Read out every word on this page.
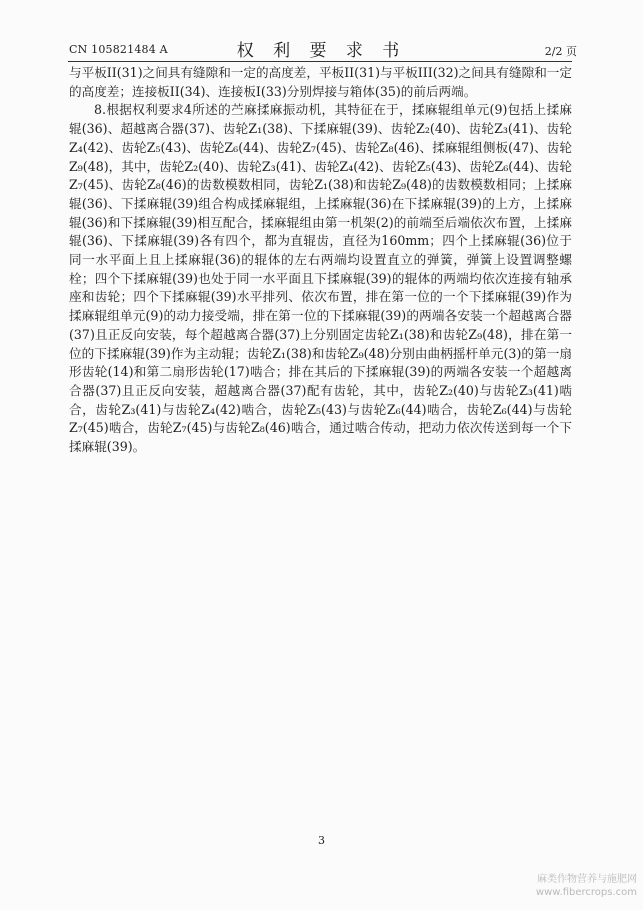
CN 105821484 A	权 利 要 求 书	2/2 页

与平板II(31)之间具有缝隙和一定的高度差，平板II(31)与平板III(32)之间具有缝隙和一定的高度差；连接板II(34)、连接板I(33)分别焊接与箱体(35)的前后两端。

8.根据权利要求4所述的苎麻揉麻振动机，其特征在于，揉麻辊组单元(9)包括上揉麻辊(36)、超越离合器(37)、齿轮Z₁(38)、下揉麻辊(39)、齿轮Z₂(40)、齿轮Z₃(41)、齿轮Z₄(42)、齿轮Z₅(43)、齿轮Z₆(44)、齿轮Z₇(45)、齿轮Z₈(46)、揉麻辊组侧板(47)、齿轮Z₉(48)，其中，齿轮Z₂(40)、齿轮Z₃(41)、齿轮Z₄(42)、齿轮Z₅(43)、齿轮Z₆(44)、齿轮Z₇(45)、齿轮Z₈(46)的齿数模数相同，齿轮Z₁(38)和齿轮Z₉(48)的齿数模数相同；上揉麻辊(36)、下揉麻辊(39)组合构成揉麻辊组，上揉麻辊(36)在下揉麻辊(39)的上方，上揉麻辊(36)和下揉麻辊(39)相互配合，揉麻辊组由第一机架(2)的前端至后端依次布置，上揉麻辊(36)、下揉麻辊(39)各有四个，都为直辊齿，直径为160mm；四个上揉麻辊(36)位于同一水平面上且上揉麻辊(36)的辊体的左右两端均设置直立的弹簧，弹簧上设置调整螺栓；四个下揉麻辊(39)也处于同一水平面且下揉麻辊(39)的辊体的两端均依次连接有轴承座和齿轮；四个下揉麻辊(39)水平排列、依次布置，排在第一位的一个下揉麻辊(39)作为揉麻辊组单元(9)的动力接受端，排在第一位的下揉麻辊(39)的两端各安装一个超越离合器(37)且正反向安装，每个超越离合器(37)上分别固定齿轮Z₁(38)和齿轮Z₉(48)，排在第一位的下揉麻辊(39)作为主动辊；齿轮Z₁(38)和齿轮Z₉(48)分别由曲柄摇杆单元(3)的第一扇形齿轮(14)和第二扇形齿轮(17)啮合；排在其后的下揉麻辊(39)的两端各安装一个超越离合器(37)且正反向安装，超越离合器(37)配有齿轮，其中，齿轮Z₂(40)与齿轮Z₃(41)啮合，齿轮Z₃(41)与齿轮Z₄(42)啮合，齿轮Z₅(43)与齿轮Z₆(44)啮合，齿轮Z₆(44)与齿轮Z₇(45)啮合，齿轮Z₇(45)与齿轮Z₈(46)啮合，通过啮合传动，把动力依次传送到每一个下揉麻辊(39)。

3
麻类作物营养与施肥网
www.fibercrops.com
